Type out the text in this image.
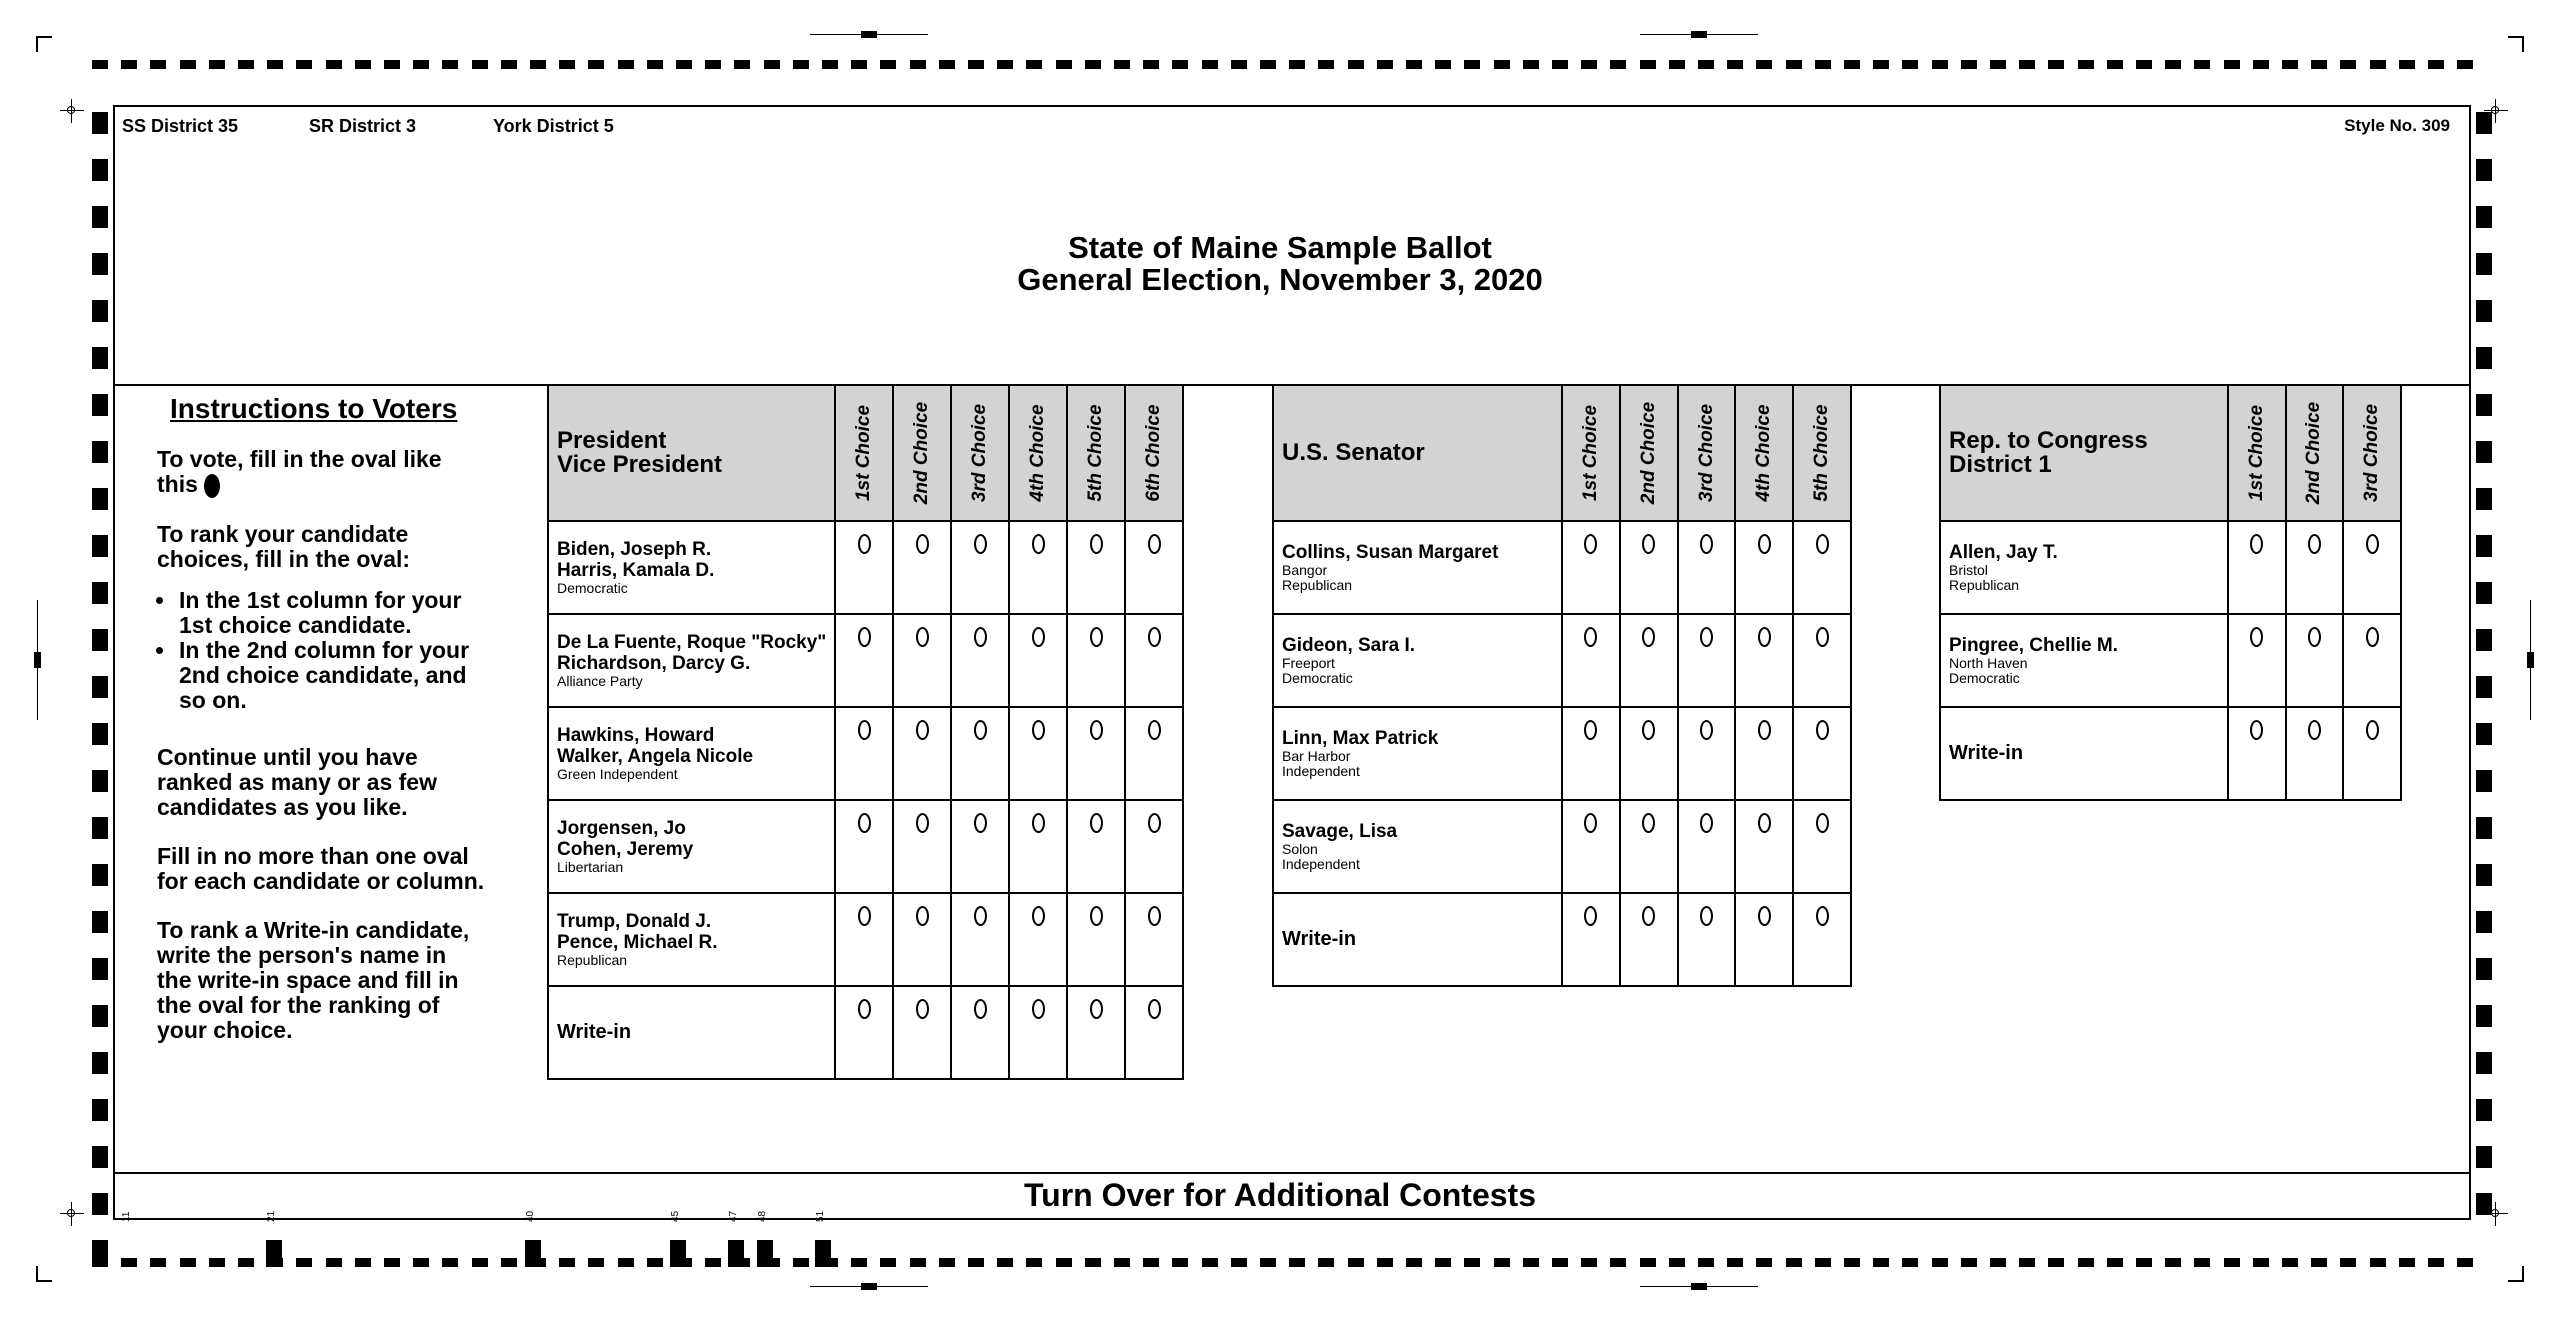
SS District 35	SR District 3	York District 5	Style No. 309
State of Maine Sample Ballot
General Election, November 3, 2020
Instructions to Voters

To vote, fill in the oval like this

To rank your candidate choices, fill in the oval:

• In the 1st column for your 1st choice candidate.
• In the 2nd column for your 2nd choice candidate, and so on.

Continue until you have ranked as many or as few candidates as you like.

Fill in no more than one oval for each candidate or column.

To rank a Write-in candidate, write the person's name in the write-in space and fill in the oval for the ranking of your choice.

President
Vice President	1st Choice	2nd Choice	3rd Choice	4th Choice	5th Choice	6th Choice

Biden, Joseph R.
Harris, Kamala D.
Democratic						

De La Fuente, Roque "Rocky"
Richardson, Darcy G.
Alliance Party						

Hawkins, Howard
Walker, Angela Nicole
Green Independent						

Jorgensen, Jo
Cohen, Jeremy
Libertarian						

Trump, Donald J.
Pence, Michael R.
Republican						

Write-in						
U.S. Senator	1st Choice	2nd Choice	3rd Choice	4th Choice	5th Choice

Collins, Susan Margaret
Bangor
Republican					

Gideon, Sara I.
Freeport
Democratic					

Linn, Max Patrick
Bar Harbor
Independent					

Savage, Lisa
Solon
Independent					

Write-in					
Rep. to Congress
District 1	1st Choice	2nd Choice	3rd Choice

Allen, Jay T.
Bristol
Republican			

Pingree, Chellie M.
North Haven
Democratic			

Write-in			
Turn Over for Additional Contests
11	21	40	45	47 48	51
